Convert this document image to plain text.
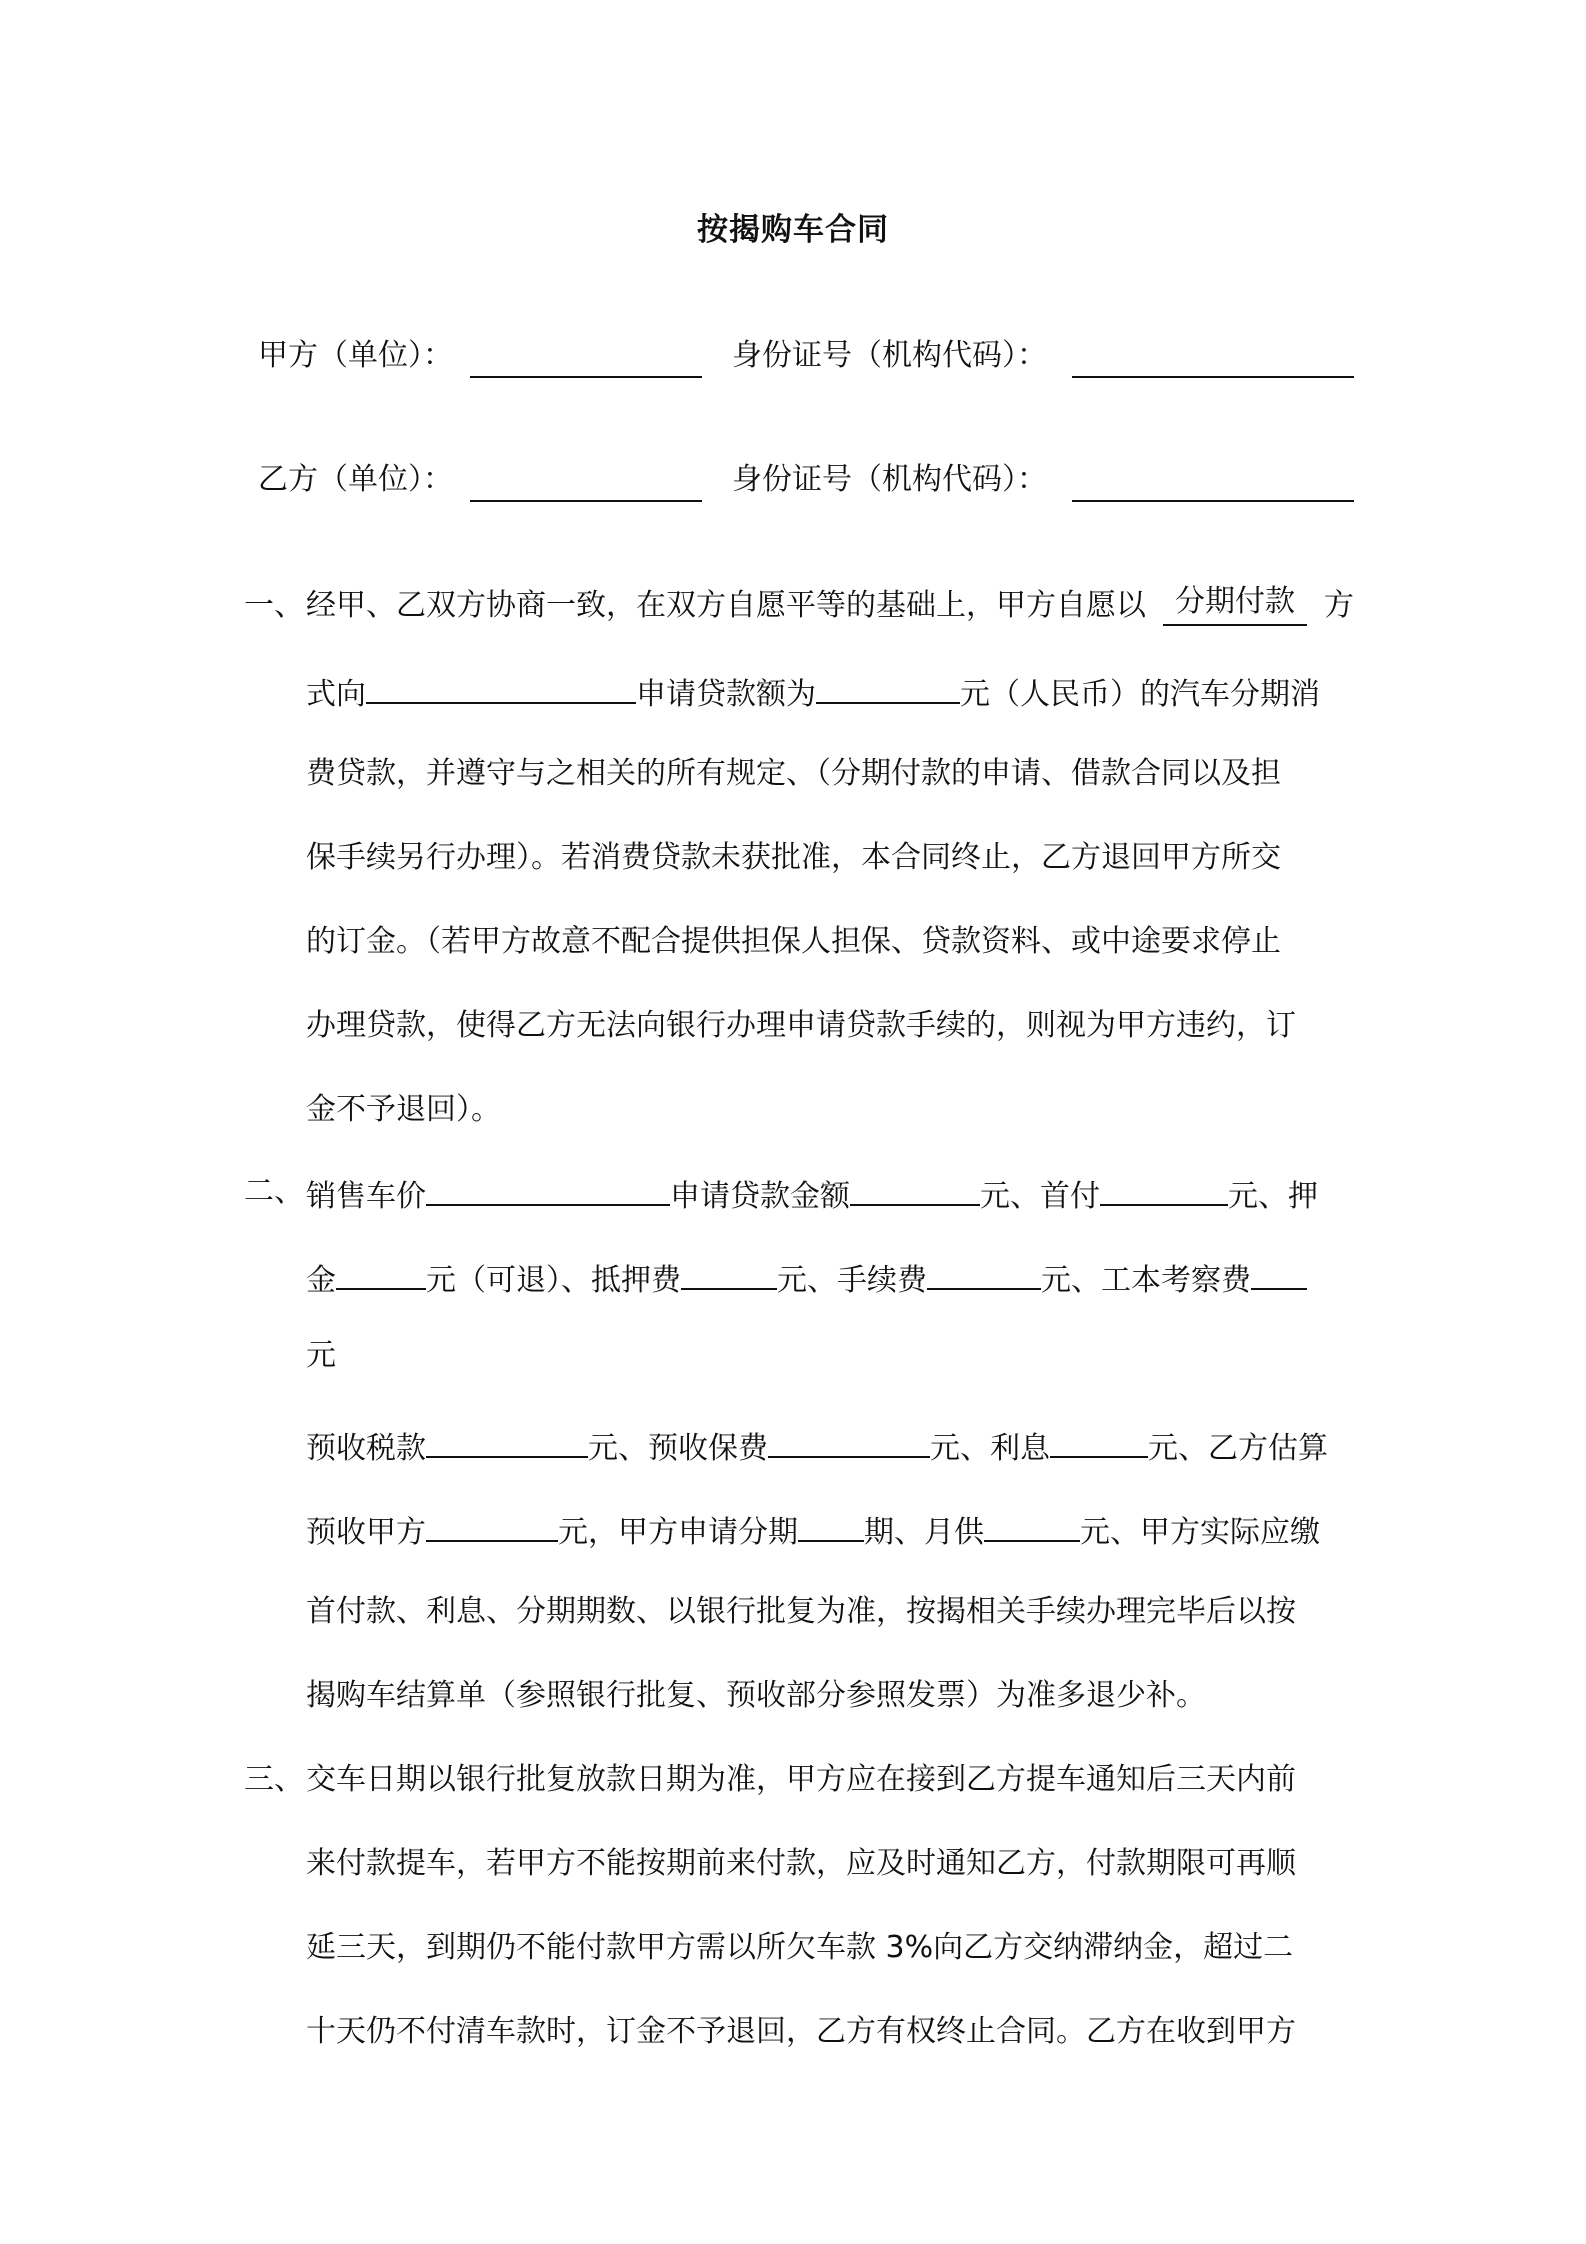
按揭购车合同
甲方（单位）：	身份证号（机构代码）：
乙方（单位）：	身份证号（机构代码）：
一、 经甲、乙双方协商一致，在双方自愿平等的基础上，甲方自愿以 分期付款 方
式向	申请贷款额为	元（人民币）的汽车分期消
费贷款，并遵守与之相关的所有规定、（分期付款的申请、借款合同以及担
保手续另行办理）。若消费贷款未获批准，本合同终止，乙方退回甲方所交
的订金。（若甲方故意不配合提供担保人担保、贷款资料、或中途要求停止
办理贷款，使得乙方无法向银行办理申请贷款手续的，则视为甲方违约，订
金不予退回）。
二、 销售车价	申请贷款金额	元、首付	元、押
金	元（可退）、抵押费	元、手续费	元、工本考察费
元
预收税款	元、预收保费	元、利息	元、乙方估算
预收甲方	元，甲方申请分期 期、月供	元、甲方实际应缴
首付款、利息、分期期数、以银行批复为准，按揭相关手续办理完毕后以按
揭购车结算单（参照银行批复、预收部分参照发票）为准多退少补。
三、 交车日期以银行批复放款日期为准，甲方应在接到乙方提车通知后三天内前
来付款提车，若甲方不能按期前来付款，应及时通知乙方，付款期限可再顺
延三天，到期仍不能付款甲方需以所欠车款 3%向乙方交纳滞纳金，超过二
十天仍不付清车款时，订金不予退回，乙方有权终止合同。乙方在收到甲方
